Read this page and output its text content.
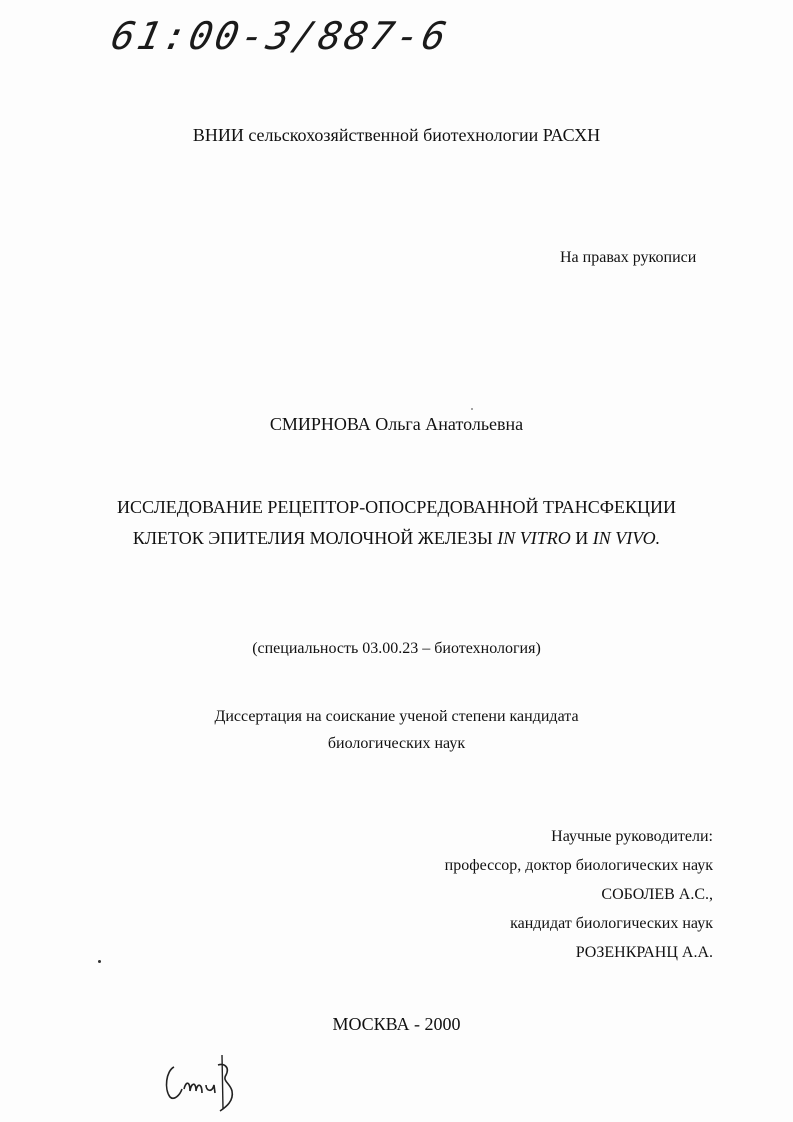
61:00-3/887-6
ВНИИ сельскохозяйственной биотехнологии РАСХН
На правах рукописи
СМИРНОВА Ольга Анатольевна
ИССЛЕДОВАНИЕ РЕЦЕПТОР-ОПОСРЕДОВАННОЙ ТРАНСФЕКЦИИ
КЛЕТОК ЭПИТЕЛИЯ МОЛОЧНОЙ ЖЕЛЕЗЫ IN VITRO И IN VIVO.
(специальность 03.00.23 – биотехнология)
Диссертация на соискание ученой степени кандидата
биологических наук
Научные руководители:
профессор, доктор биологических наук
СОБОЛЕВ А.С.,
кандидат биологических наук
РОЗЕНКРАНЦ А.А.
МОСКВА - 2000
